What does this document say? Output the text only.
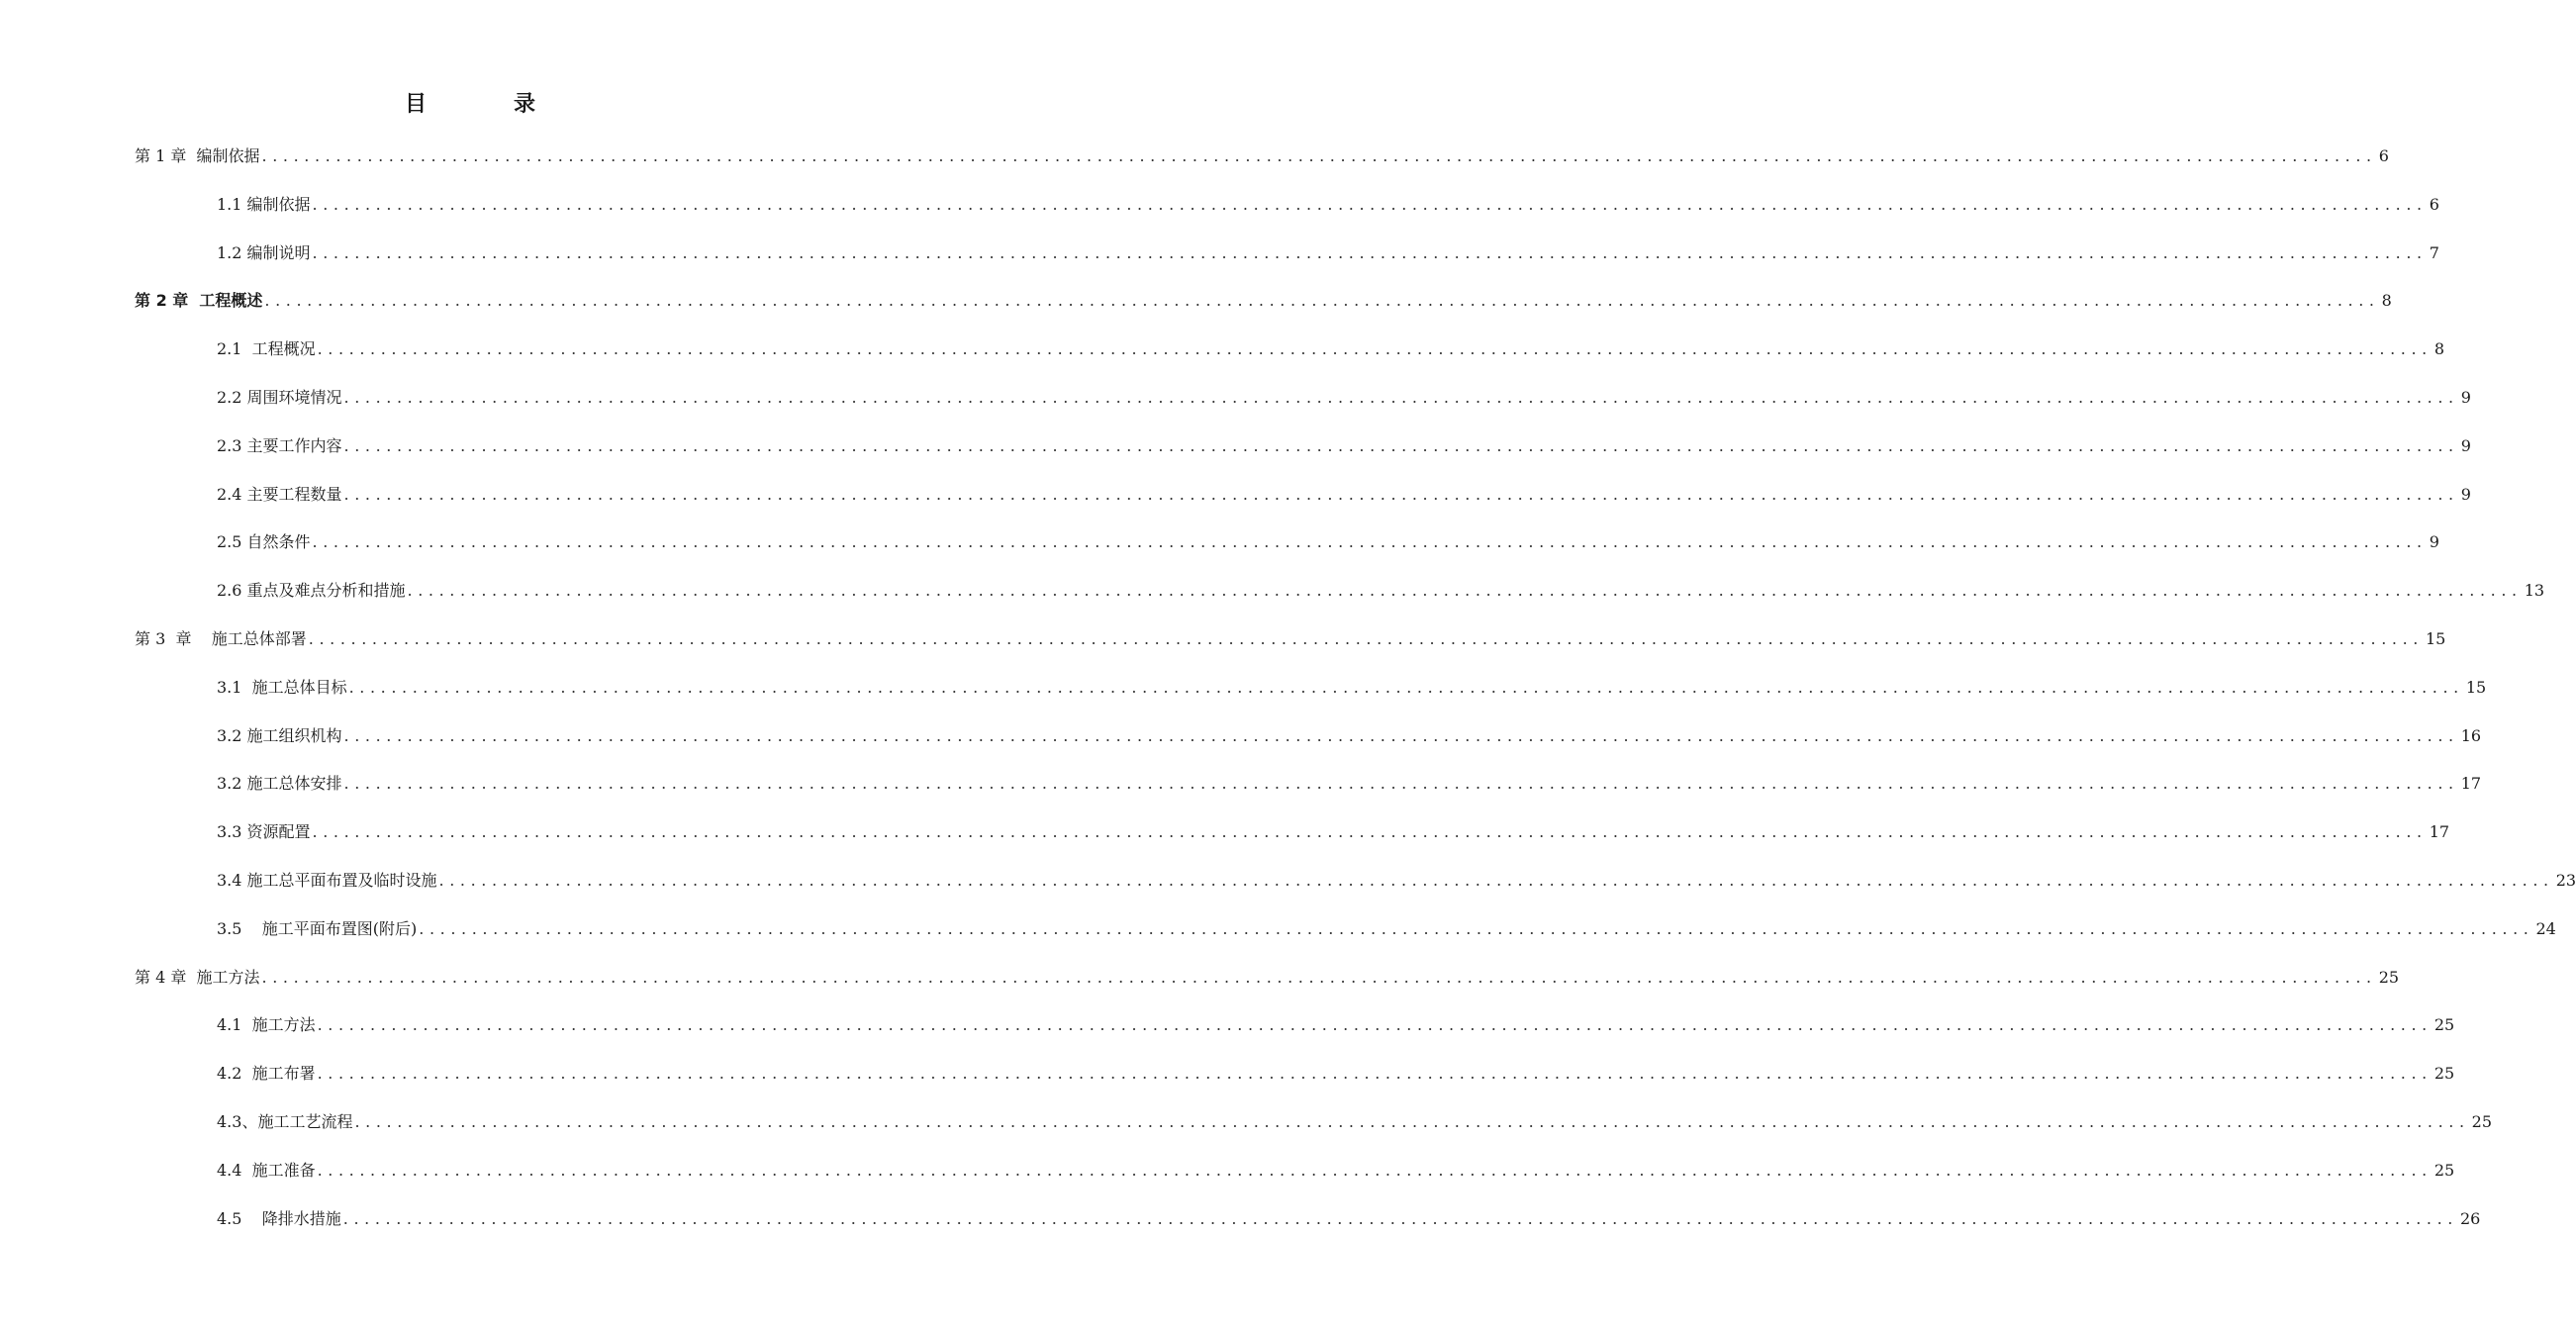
目	录
第 1 章  编制依据 ........................................................................................................................................................................................................ 6
1.1 编制依据 ........................................................................................................................................................................................................ 6
1.2 编制说明 ........................................................................................................................................................................................................ 7
第 2 章  工程概述 ........................................................................................................................................................................................................ 8
2.1  工程概况 ........................................................................................................................................................................................................ 8
2.2 周围环境情况 ........................................................................................................................................................................................................ 9
2.3 主要工作内容 ........................................................................................................................................................................................................ 9
2.4 主要工程数量 ........................................................................................................................................................................................................ 9
2.5 自然条件 ........................................................................................................................................................................................................ 9
2.6 重点及难点分析和措施 ........................................................................................................................................................................................................ 13
第 3  章    施工总体部署 ........................................................................................................................................................................................................ 15
3.1  施工总体目标 ........................................................................................................................................................................................................ 15
3.2 施工组织机构 ........................................................................................................................................................................................................ 16
3.2 施工总体安排 ........................................................................................................................................................................................................ 17
3.3 资源配置 ........................................................................................................................................................................................................ 17
3.4 施工总平面布置及临时设施 ........................................................................................................................................................................................................ 23
3.5    施工平面布置图(附后) ........................................................................................................................................................................................................ 24
第 4 章  施工方法 ........................................................................................................................................................................................................ 25
4.1  施工方法 ........................................................................................................................................................................................................ 25
4.2  施工布署 ........................................................................................................................................................................................................ 25
4.3、施工工艺流程 ........................................................................................................................................................................................................ 25
4.4  施工准备 ........................................................................................................................................................................................................ 25
4.5    降排水措施 ........................................................................................................................................................................................................ 26
